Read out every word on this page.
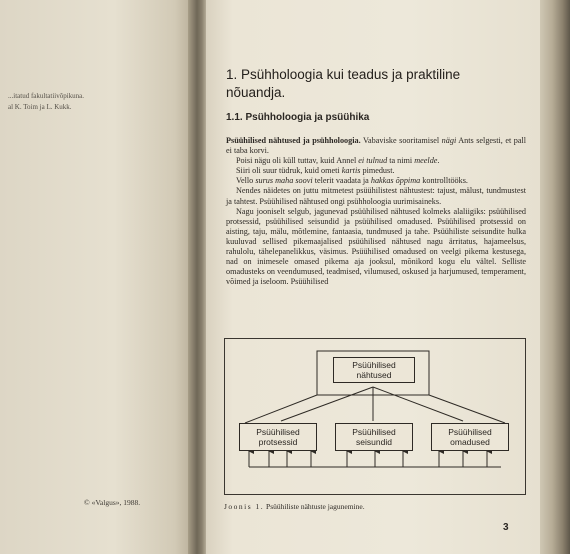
...itatud fakultatiivõpikuna.
al K. Toim ja L. Kukk.
© «Valgus», 1988.
1. Psühholoogia kui teadus ja praktiline
nõuandja.
1.1. Psühholoogia ja psüühika

Psüühilised nähtused ja psühholoogia. Vabaviske sooritamisel nägi Ants selgesti, et pall ei taba korvi.

Poisi nägu oli küll tuttav, kuid Annel ei tulnud ta nimi meelde.

Siiri oli suur tüdruk, kuid ometi kartis pimedust.

Vello surus maha soovi telerit vaadata ja hakkas õppima kontrolltööks.

Nendes näidetes on juttu mitmetest psüühilistest nähtustest: tajust, mälust, tundmustest ja tahtest. Psüühilised nähtused ongi psühholoogia uurimisaineks.

Nagu jooniselt selgub, jagunevad psüühilised nähtused kolmeks alaliigiks: psüühilised protsessid, psüühilised seisundid ja psüühilised omadused. Psüühilised protsessid on aisting, taju, mälu, mõtlemine, fantaasia, tundmused ja tahe. Psüühiliste seisundite hulka kuuluvad sellised pikemaajalised psüühilised nähtused nagu ärritatus, hajameelsus, rahulolu, tähelepanelikkus, väsimus. Psüühilised omadused on veelgi pikema kestusega, nad on inimesele omased pikema aja jooksul, mõnikord kogu elu vältel. Selliste omadusteks on veendumused, teadmised, vilumused, oskused ja harjumused, temperament, võimed ja iseloom. Psüühilised

Psüühilised nähtused
Psüühilised protsessid
Psüühilised seisundid
Psüühilised omadused
Joonis 1. Psüühiliste nähtuste jagunemine.
3
